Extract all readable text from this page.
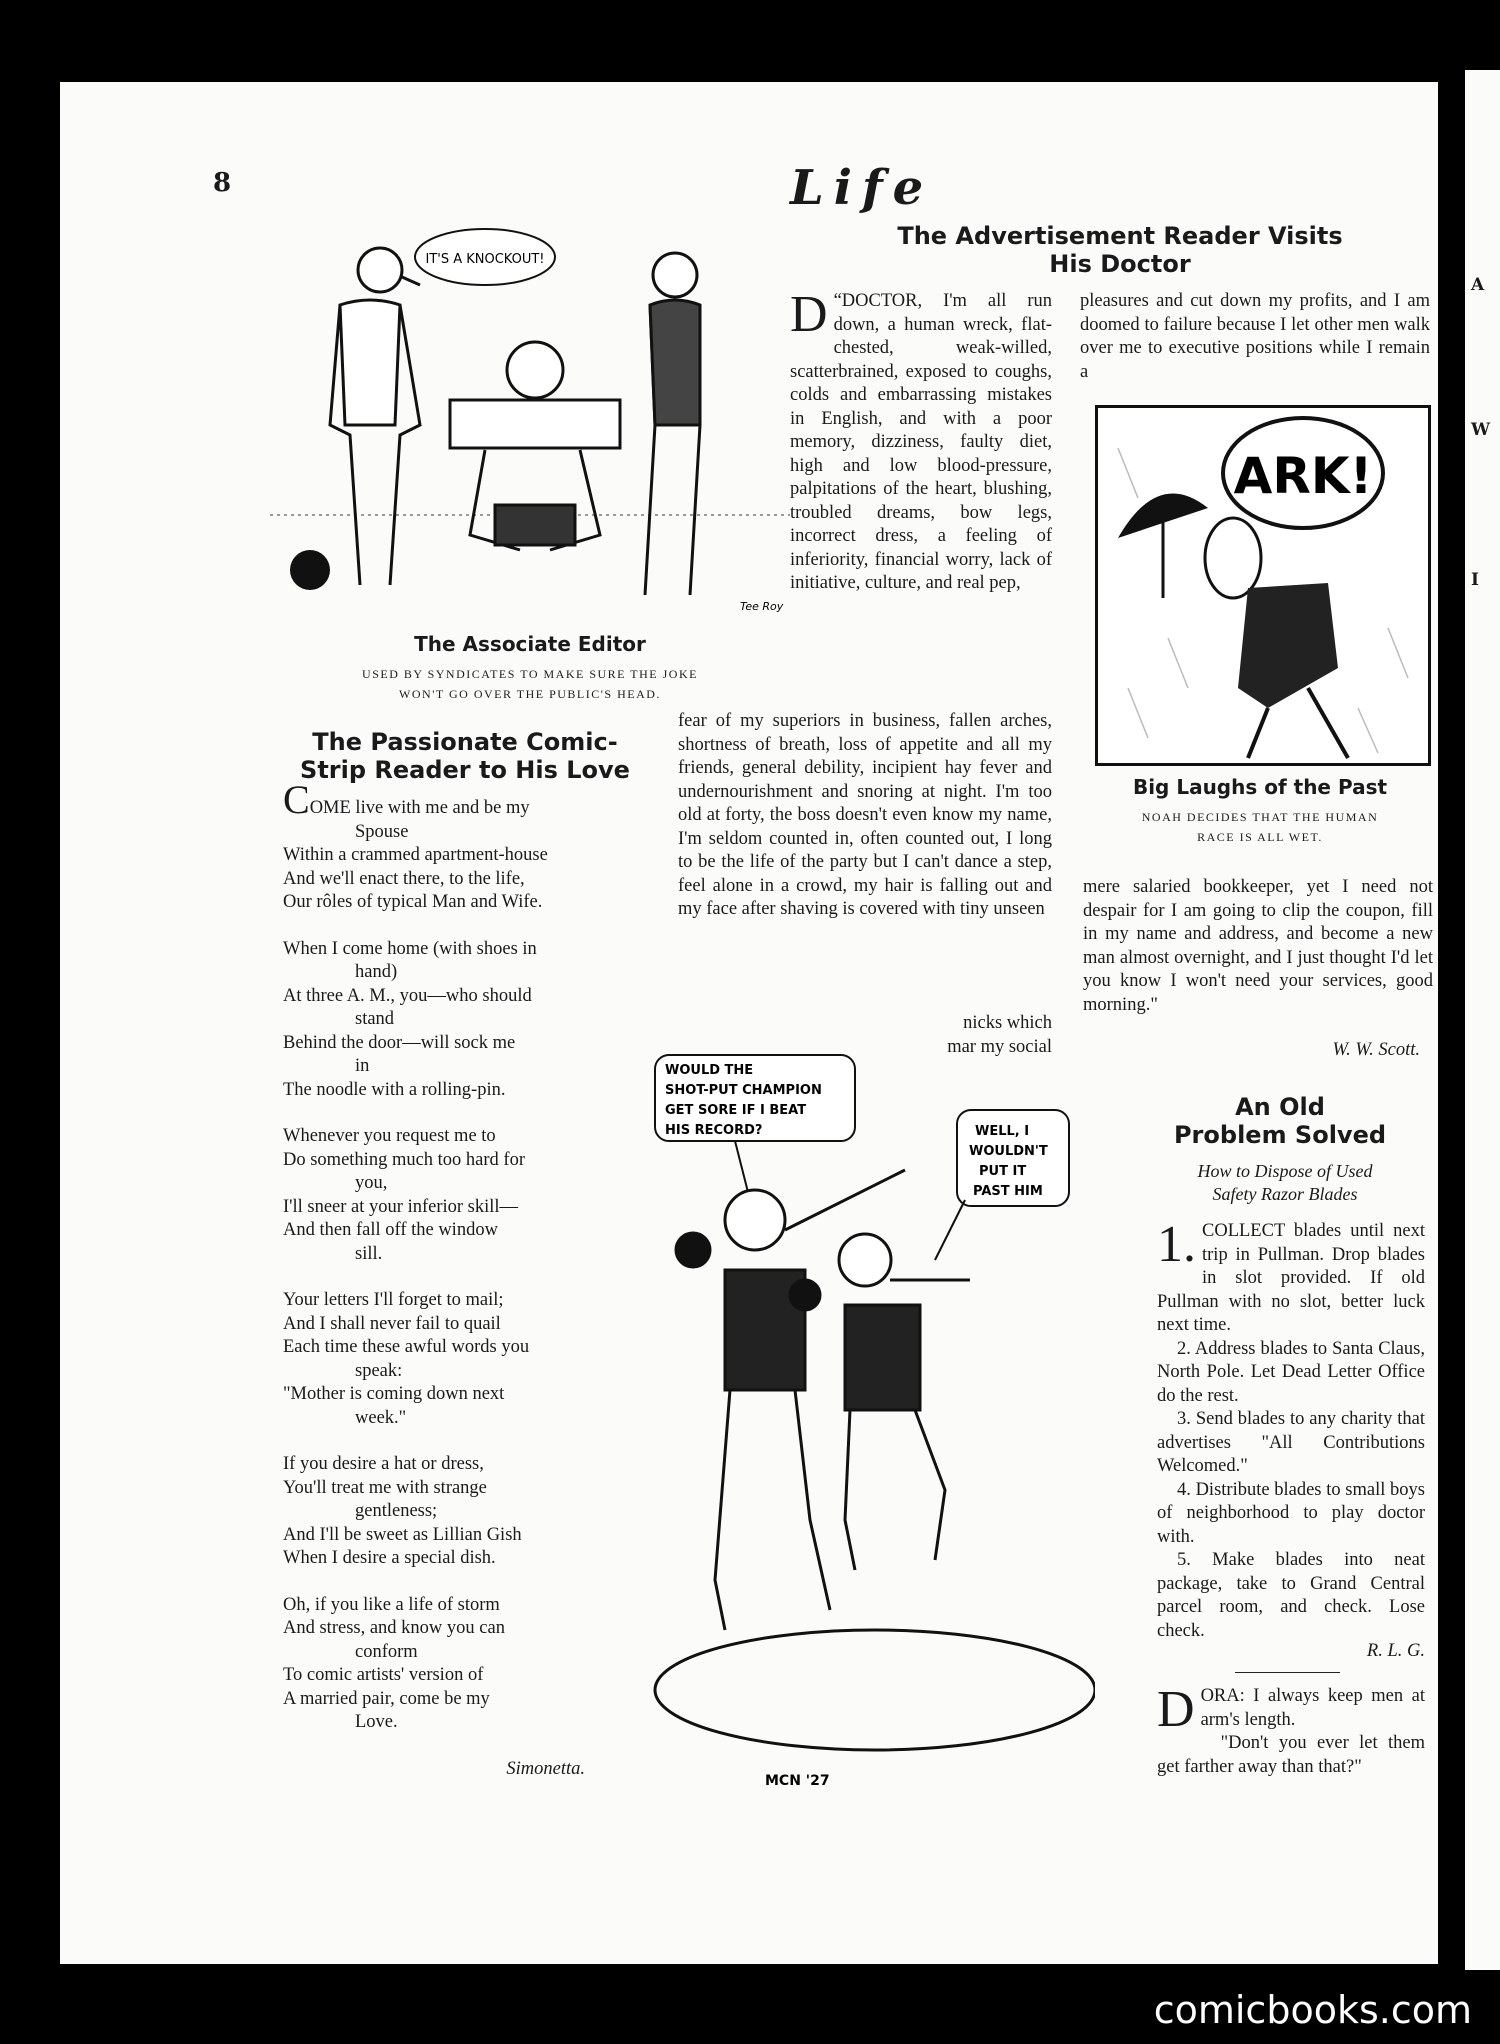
A
W
I
8	Life
IT'S A KNOCKOUT!
Tee Roy
The Associate Editor
USED BY SYNDICATES TO MAKE SURE THE JOKE
WON'T GO OVER THE PUBLIC'S HEAD.
The Passionate Comic-
Strip Reader to His Love
COME live with me and be my
Spouse
Within a crammed apartment-house
And we'll enact there, to the life,
Our rôles of typical Man and Wife.
When I come home (with shoes in
hand)
At three A. M., you—who should
stand
Behind the door—will sock me
in
The noodle with a rolling-pin.
Whenever you request me to
Do something much too hard for
you,
I'll sneer at your inferior skill—
And then fall off the window
sill.
Your letters I'll forget to mail;
And I shall never fail to quail
Each time these awful words you
speak:
"Mother is coming down next
week."
If you desire a hat or dress,
You'll treat me with strange
gentleness;
And I'll be sweet as Lillian Gish
When I desire a special dish.
Oh, if you like a life of storm
And stress, and know you can
conform
To comic artists' version of
A married pair, come be my
Love.
Simonetta.
The Advertisement Reader Visits
His Doctor
D “DOCTOR, I'm all run down, a human wreck, flat-chested, weak-willed, scatterbrained, exposed to coughs, colds and embarrassing mistakes in English, and with a poor memory, dizziness, faulty diet, high and low blood-pressure, palpitations of the heart, blushing, troubled dreams, bow legs, incorrect dress, a feeling of inferiority, financial worry, lack of initiative, culture, and real pep,
fear of my superiors in business, fallen arches, shortness of breath, loss of appetite and all my friends, general debility, incipient hay fever and undernourishment and snoring at night. I'm too old at forty, the boss doesn't even know my name, I'm seldom counted in, often counted out, I long to be the life of the party but I can't dance a step, feel alone in a crowd, my hair is falling out and my face after shaving is covered with tiny unseen
nicks which
mar my social
pleasures and cut down my profits, and I am doomed to failure because I let other men walk over me to executive positions while I remain a
ARK!
Big Laughs of the Past
NOAH DECIDES THAT THE HUMAN
RACE IS ALL WET.
mere salaried bookkeeper, yet I need not despair for I am going to clip the coupon, fill in my name and address, and become a new man almost overnight, and I just thought I'd let you know I won't need your services, good morning."
W. W. Scott.
WOULD THE
SHOT-PUT CHAMPION
GET SORE IF I BEAT
HIS RECORD?	WELL, I
WOULDN'T
PUT IT
PAST HIM
MCN '27
An Old
Problem Solved
How to Dispose of Used
Safety Razor Blades

1. COLLECT blades until next trip in Pullman. Drop blades in slot provided. If old Pullman with no slot, better luck next time.

2. Address blades to Santa Claus, North Pole. Let Dead Letter Office do the rest.

3. Send blades to any charity that advertises "All Contributions Welcomed."

4. Distribute blades to small boys of neighborhood to play doctor with.

5. Make blades into neat package, take to Grand Central parcel room, and check. Lose check.

R. L. G.
DORA: I always keep men at arm's length.
"Don't you ever let them get farther away than that?"
comicbooks.com
